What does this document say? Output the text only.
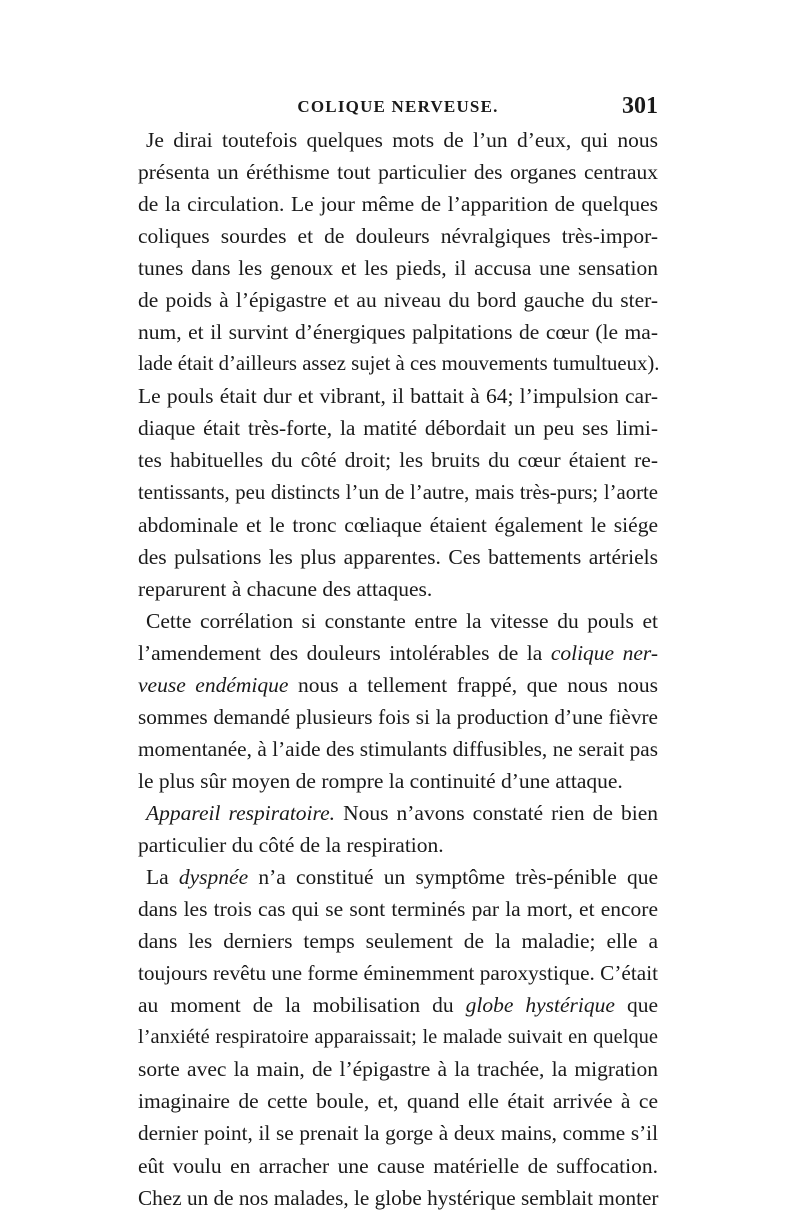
COLIQUE NERVEUSE.	301
Je dirai toutefois quelques mots de l’un d’eux, qui nous
présenta un éréthisme tout particulier des organes centraux
de la circulation. Le jour même de l’apparition de quelques
coliques sourdes et de douleurs névralgiques très-impor-
tunes dans les genoux et les pieds, il accusa une sensation
de poids à l’épigastre et au niveau du bord gauche du ster-
num, et il survint d’énergiques palpitations de cœur (le ma-
lade était d’ailleurs assez sujet à ces mouvements tumultueux).
Le pouls était dur et vibrant, il battait à 64; l’impulsion car-
diaque était très-forte, la matité débordait un peu ses limi-
tes habituelles du côté droit; les bruits du cœur étaient re-
tentissants, peu distincts l’un de l’autre, mais très-purs; l’aorte
abdominale et le tronc cœliaque étaient également le siége
des pulsations les plus apparentes. Ces battements artériels
reparurent à chacune des attaques.
Cette corrélation si constante entre la vitesse du pouls et
l’amendement des douleurs intolérables de la colique ner-
veuse endémique nous a tellement frappé, que nous nous
sommes demandé plusieurs fois si la production d’une fièvre
momentanée, à l’aide des stimulants diffusibles, ne serait pas
le plus sûr moyen de rompre la continuité d’une attaque.
Appareil respiratoire. Nous n’avons constaté rien de bien
particulier du côté de la respiration.
La dyspnée n’a constitué un symptôme très-pénible que
dans les trois cas qui se sont terminés par la mort, et encore
dans les derniers temps seulement de la maladie; elle a
toujours revêtu une forme éminemment paroxystique. C’était
au moment de la mobilisation du globe hystérique que
l’anxiété respiratoire apparaissait; le malade suivait en quelque
sorte avec la main, de l’épigastre à la trachée, la migration
imaginaire de cette boule, et, quand elle était arrivée à ce
dernier point, il se prenait la gorge à deux mains, comme s’il
eût voulu en arracher une cause matérielle de suffocation.
Chez un de nos malades, le globe hystérique semblait monter
